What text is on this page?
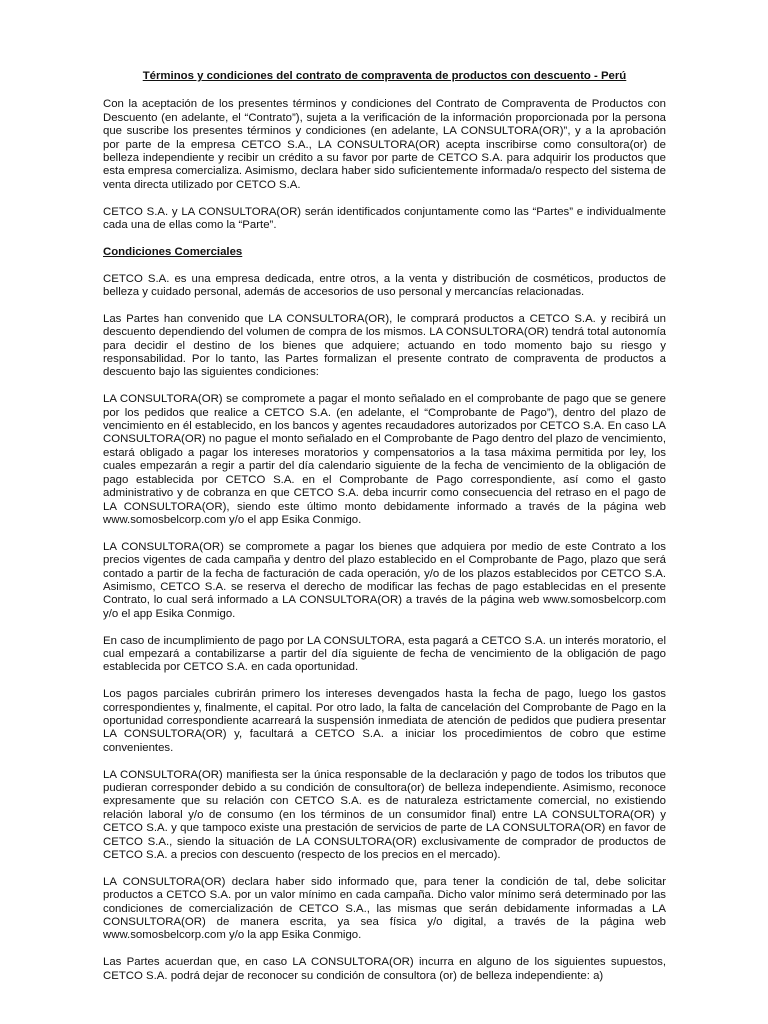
Términos y condiciones del contrato de compraventa de productos con descuento - Perú

Con la aceptación de los presentes términos y condiciones del Contrato de Compraventa de Productos con Descuento (en adelante, el “Contrato”), sujeta a la verificación de la información proporcionada por la persona que suscribe los presentes términos y condiciones (en adelante, LA CONSULTORA(OR)”, y a la aprobación por parte de la empresa CETCO S.A., LA CONSULTORA(OR) acepta inscribirse como consultora(or) de belleza independiente y recibir un crédito a su favor por parte de CETCO S.A. para adquirir los productos que esta empresa comercializa. Asimismo, declara haber sido suficientemente informada/o respecto del sistema de venta directa utilizado por CETCO S.A.

CETCO S.A. y LA CONSULTORA(OR) serán identificados conjuntamente como las “Partes” e individualmente cada una de ellas como la “Parte”.

Condiciones Comerciales

CETCO S.A. es una empresa dedicada, entre otros, a la venta y distribución de cosméticos, productos de belleza y cuidado personal, además de accesorios de uso personal y mercancías relacionadas.

Las Partes han convenido que LA CONSULTORA(OR), le comprará productos a CETCO S.A. y recibirá un descuento dependiendo del volumen de compra de los mismos. LA CONSULTORA(OR) tendrá total autonomía para decidir el destino de los bienes que adquiere; actuando en todo momento bajo su riesgo y responsabilidad. Por lo tanto, las Partes formalizan el presente contrato de compraventa de productos a descuento bajo las siguientes condiciones:

LA CONSULTORA(OR) se compromete a pagar el monto señalado en el comprobante de pago que se genere por los pedidos que realice a CETCO S.A. (en adelante, el “Comprobante de Pago”), dentro del plazo de vencimiento en él establecido, en los bancos y agentes recaudadores autorizados por CETCO S.A. En caso LA CONSULTORA(OR) no pague el monto señalado en el Comprobante de Pago dentro del plazo de vencimiento, estará obligado a pagar los intereses moratorios y compensatorios a la tasa máxima permitida por ley, los cuales empezarán a regir a partir del día calendario siguiente de la fecha de vencimiento de la obligación de pago establecida por CETCO S.A. en el Comprobante de Pago correspondiente, así como el gasto administrativo y de cobranza en que CETCO S.A. deba incurrir como consecuencia del retraso en el pago de LA CONSULTORA(OR), siendo este último monto debidamente informado a través de la página web www.somosbelcorp.com y/o el app Esika Conmigo.

LA CONSULTORA(OR) se compromete a pagar los bienes que adquiera por medio de este Contrato a los precios vigentes de cada campaña y dentro del plazo establecido en el Comprobante de Pago, plazo que será contado a partir de la fecha de facturación de cada operación, y/o de los plazos establecidos por CETCO S.A. Asimismo, CETCO S.A. se reserva el derecho de modificar las fechas de pago establecidas en el presente Contrato, lo cual será informado a LA CONSULTORA(OR) a través de la página web www.somosbelcorp.com y/o el app Esika Conmigo.

En caso de incumplimiento de pago por LA CONSULTORA, esta pagará a CETCO S.A. un interés moratorio, el cual empezará a contabilizarse a partir del día siguiente de fecha de vencimiento de la obligación de pago establecida por CETCO S.A. en cada oportunidad.

Los pagos parciales cubrirán primero los intereses devengados hasta la fecha de pago, luego los gastos correspondientes y, finalmente, el capital. Por otro lado, la falta de cancelación del Comprobante de Pago en la oportunidad correspondiente acarreará la suspensión inmediata de atención de pedidos que pudiera presentar LA CONSULTORA(OR) y, facultará a CETCO S.A. a iniciar los procedimientos de cobro que estime convenientes.

LA CONSULTORA(OR) manifiesta ser la única responsable de la declaración y pago de todos los tributos que pudieran corresponder debido a su condición de consultora(or) de belleza independiente. Asimismo, reconoce expresamente que su relación con CETCO S.A. es de naturaleza estrictamente comercial, no existiendo relación laboral y/o de consumo (en los términos de un consumidor final) entre LA CONSULTORA(OR) y CETCO S.A. y que tampoco existe una prestación de servicios de parte de LA CONSULTORA(OR) en favor de CETCO S.A., siendo la situación de LA CONSULTORA(OR) exclusivamente de comprador de productos de CETCO S.A. a precios con descuento (respecto de los precios en el mercado).

LA CONSULTORA(OR) declara haber sido informado que, para tener la condición de tal, debe solicitar productos a CETCO S.A. por un valor mínimo en cada campaña. Dicho valor mínimo será determinado por las condiciones de comercialización de CETCO S.A., las mismas que serán debidamente informadas a LA CONSULTORA(OR) de manera escrita, ya sea física y/o digital, a través de la página web www.somosbelcorp.com y/o la app Esika Conmigo.

Las Partes acuerdan que, en caso LA CONSULTORA(OR) incurra en alguno de los siguientes supuestos, CETCO S.A. podrá dejar de reconocer su condición de consultora (or) de belleza independiente: a)
